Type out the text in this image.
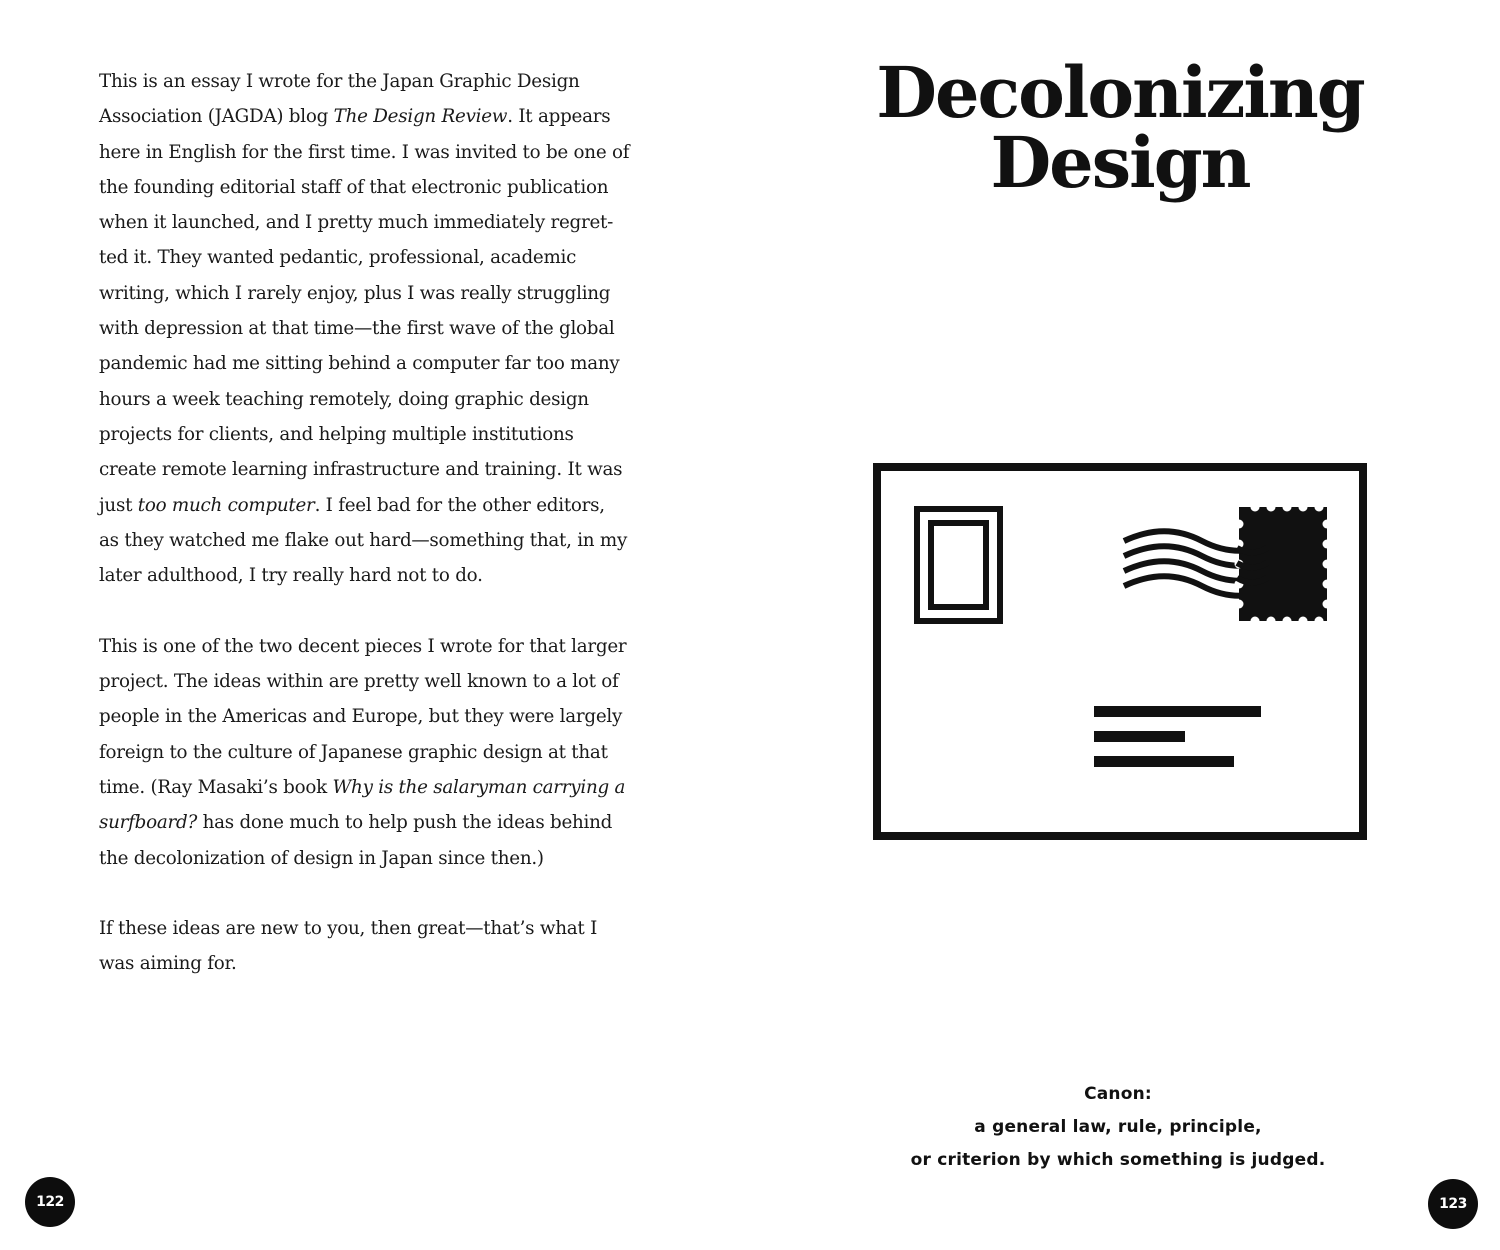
This is an essay I wrote for the Japan Graphic Design
Association (JAGDA) blog The Design Review. It appears
here in English for the first time. I was invited to be one of
the founding editorial staff of that electronic publication
when it launched, and I pretty much immediately regret-
ted it. They wanted pedantic, professional, academic
writing, which I rarely enjoy, plus I was really struggling
with depression at that time—the first wave of the global
pandemic had me sitting behind a computer far too many
hours a week teaching remotely, doing graphic design
projects for clients, and helping multiple institutions
create remote learning infrastructure and training. It was
just too much computer. I feel bad for the other editors,
as they watched me flake out hard—something that, in my
later adulthood, I try really hard not to do.
This is one of the two decent pieces I wrote for that larger
project. The ideas within are pretty well known to a lot of
people in the Americas and Europe, but they were largely
foreign to the culture of Japanese graphic design at that
time. (Ray Masaki’s book Why is the salaryman carrying a
surfboard? has done much to help push the ideas behind
the decolonization of design in Japan since then.)
If these ideas are new to you, then great—that’s what I
was aiming for.
122
Decolonizing
Design
Canon:
a general law, rule, principle,
or criterion by which something is judged.
123
